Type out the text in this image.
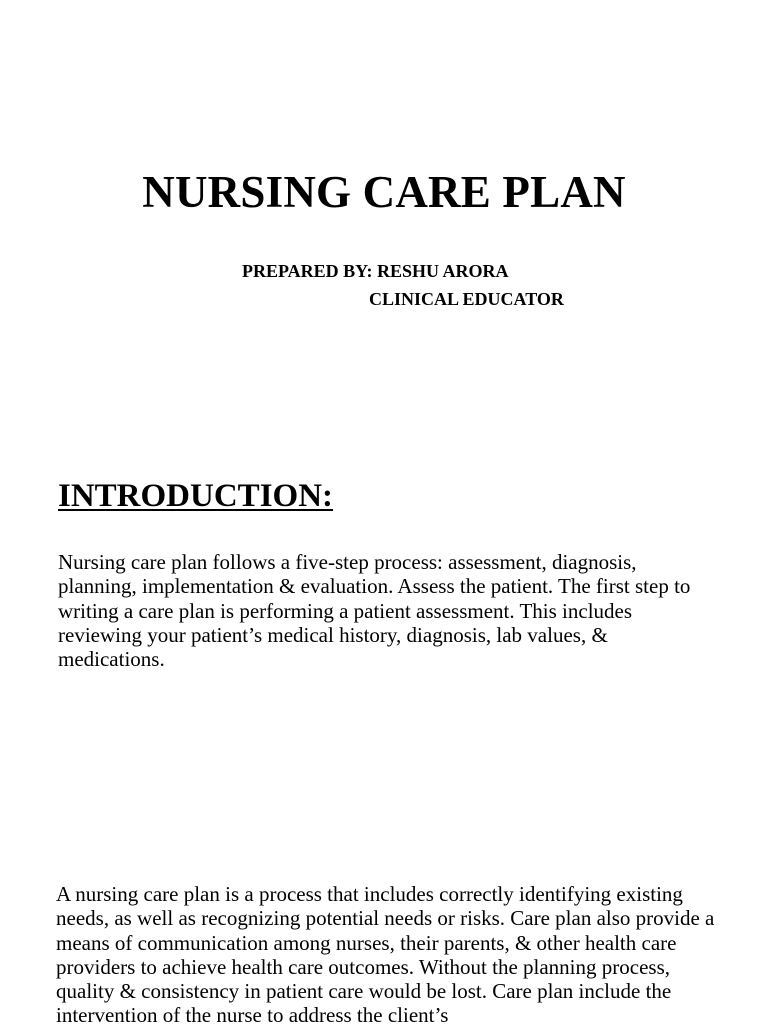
NURSING CARE PLAN
PREPARED BY: RESHU ARORA
CLINICAL EDUCATOR
INTRODUCTION:

Nursing care plan follows a five-step process: assessment, diagnosis, planning, implementation & evaluation. Assess the patient. The first step to writing a care plan is performing a patient assessment. This includes reviewing your patient’s medical history, diagnosis, lab values, & medications.

A nursing care plan is a process that includes correctly identifying existing needs, as well as recognizing potential needs or risks. Care plan also provide a means of communication among nurses, their parents, & other health care providers to achieve health care outcomes. Without the planning process, quality & consistency in patient care would be lost. Care plan include the intervention of the nurse to address the client’s
